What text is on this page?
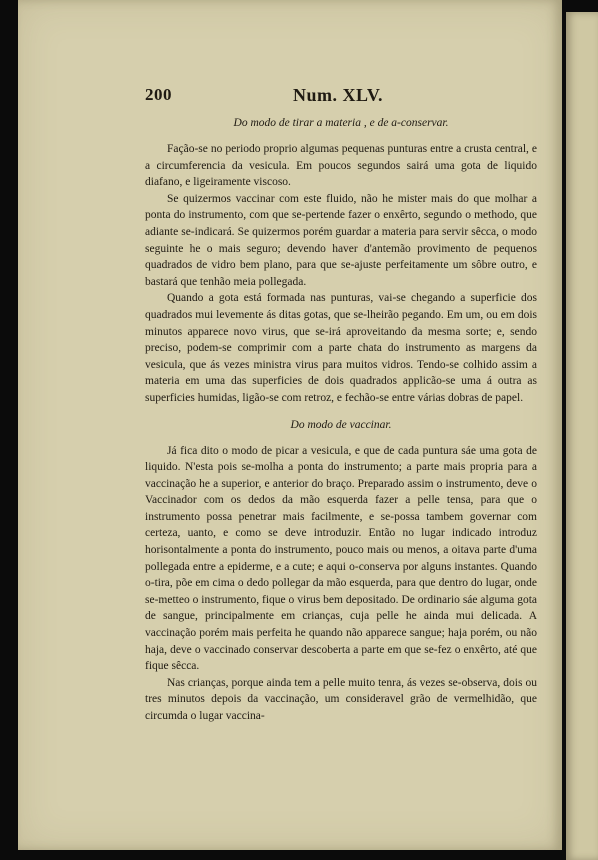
200	Num. XLV.
Do modo de tirar a materia , e de a-conservar.

Fação-se no periodo proprio algumas pequenas punturas entre a crusta central, e a circumferencia da vesicula. Em poucos segundos sairá uma gota de liquido diafano, e ligeiramente viscoso.

Se quizermos vaccinar com este fluido, não he mister mais do que molhar a ponta do instrumento, com que se-pertende fazer o enxêrto, segundo o methodo, que adiante se-indicará. Se quizermos porém guardar a materia para servir sêcca, o modo seguinte he o mais seguro; devendo haver d'antemão provimento de pequenos quadrados de vidro bem plano, para que se-ajuste perfeitamente um sôbre outro, e bastará que tenhão meia pollegada.

Quando a gota está formada nas punturas, vai-se chegando a superficie dos quadrados mui levemente ás ditas gotas, que se-lheirão pegando. Em um, ou em dois minutos apparece novo virus, que se-irá aproveitando da mesma sorte; e, sendo preciso, podem-se comprimir com a parte chata do instrumento as margens da vesicula, que ás vezes ministra virus para muitos vidros. Tendo-se colhido assim a materia em uma das superficies de dois quadrados applicão-se uma á outra as superficies humidas, ligão-se com retroz, e fechão-se entre várias dobras de papel.

Do modo de vaccinar.

Já fica dito o modo de picar a vesicula, e que de cada puntura sáe uma gota de liquido. N'esta pois se-molha a ponta do instrumento; a parte mais propria para a vaccinação he a superior, e anterior do braço. Preparado assim o instrumento, deve o Vaccinador com os dedos da mão esquerda fazer a pelle tensa, para que o instrumento possa penetrar mais facilmente, e se-possa tambem governar com certeza, uanto, e como se deve introduzir. Então no lugar indicado introduz horisontalmente a ponta do instrumento, pouco mais ou menos, a oitava parte d'uma pollegada entre a epiderme, e a cute; e aqui o-conserva por alguns instantes. Quando o-tira, põe em cima o dedo pollegar da mão esquerda, para que dentro do lugar, onde se-metteo o instrumento, fique o virus bem depositado. De ordinario sáe alguma gota de sangue, principalmente em crianças, cuja pelle he ainda mui delicada. A vaccinação porém mais perfeita he quando não apparece sangue; haja porém, ou não haja, deve o vaccinado conservar descoberta a parte em que se-fez o enxêrto, até que fique sêcca.

Nas crianças, porque ainda tem a pelle muito tenra, ás vezes se-observa, dois ou tres minutos depois da vaccinação, um consideravel grão de vermelhidão, que circumda o lugar vaccina-
